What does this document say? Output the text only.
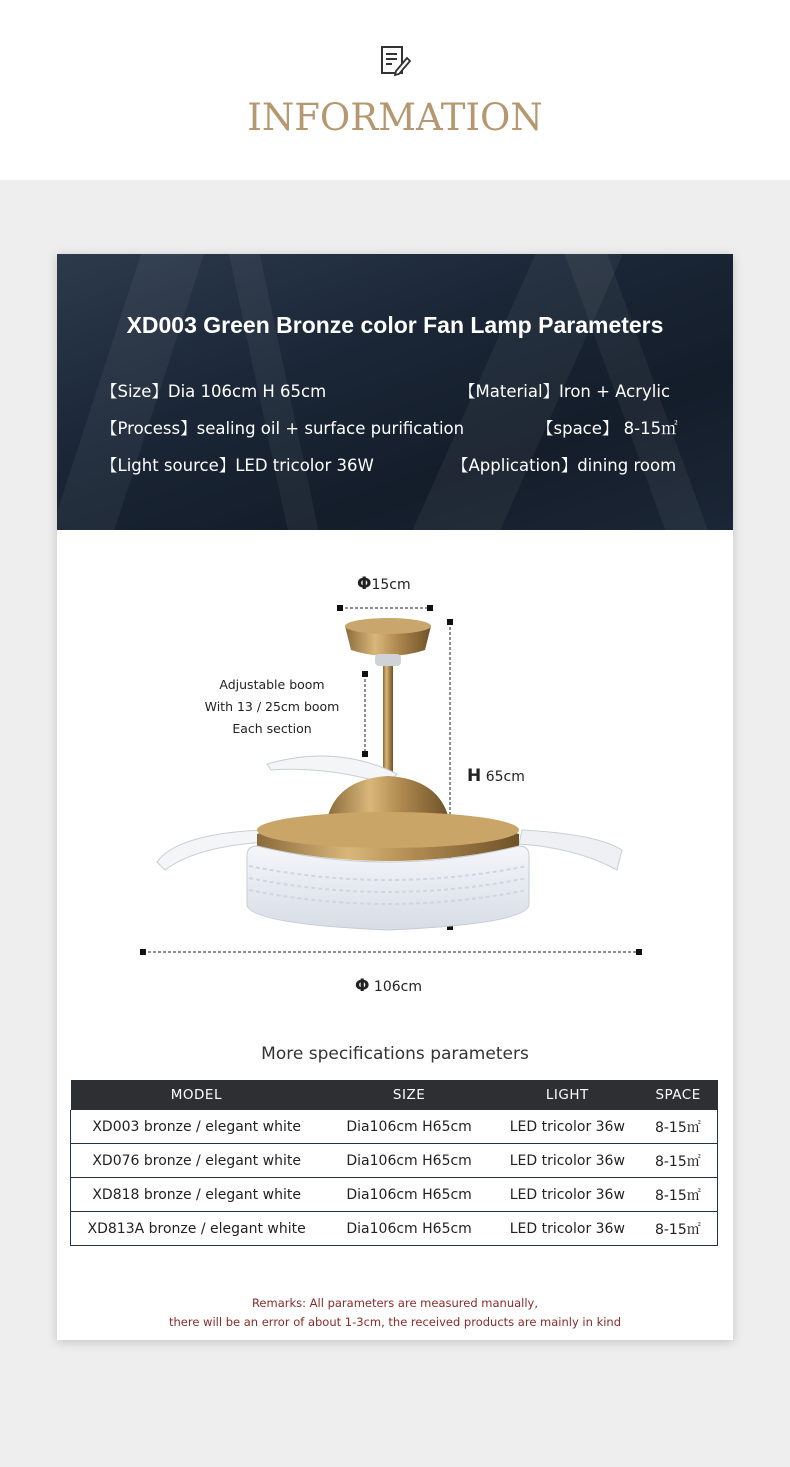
INFORMATION
XD003 Green Bronze color Fan Lamp Parameters
【Size】Dia 106cm H 65cm	【Material】Iron + Acrylic
【Process】sealing oil + surface purification	【space】 8-15㎡
【Light source】LED tricolor 36W	【Application】dining room
Φ15cm
H 65cm
Φ 106cm
Adjustable boom
With 13 / 25cm boom
Each section
More specifications parameters
MODEL	SIZE	LIGHT	SPACE
XD003 bronze / elegant white	Dia106cm H65cm	LED tricolor 36w	8-15㎡
XD076 bronze / elegant white	Dia106cm H65cm	LED tricolor 36w	8-15㎡
XD818 bronze / elegant white	Dia106cm H65cm	LED tricolor 36w	8-15㎡
XD813A bronze / elegant white	Dia106cm H65cm	LED tricolor 36w	8-15㎡
Remarks: All parameters are measured manually,
there will be an error of about 1-3cm, the received products are mainly in kind
